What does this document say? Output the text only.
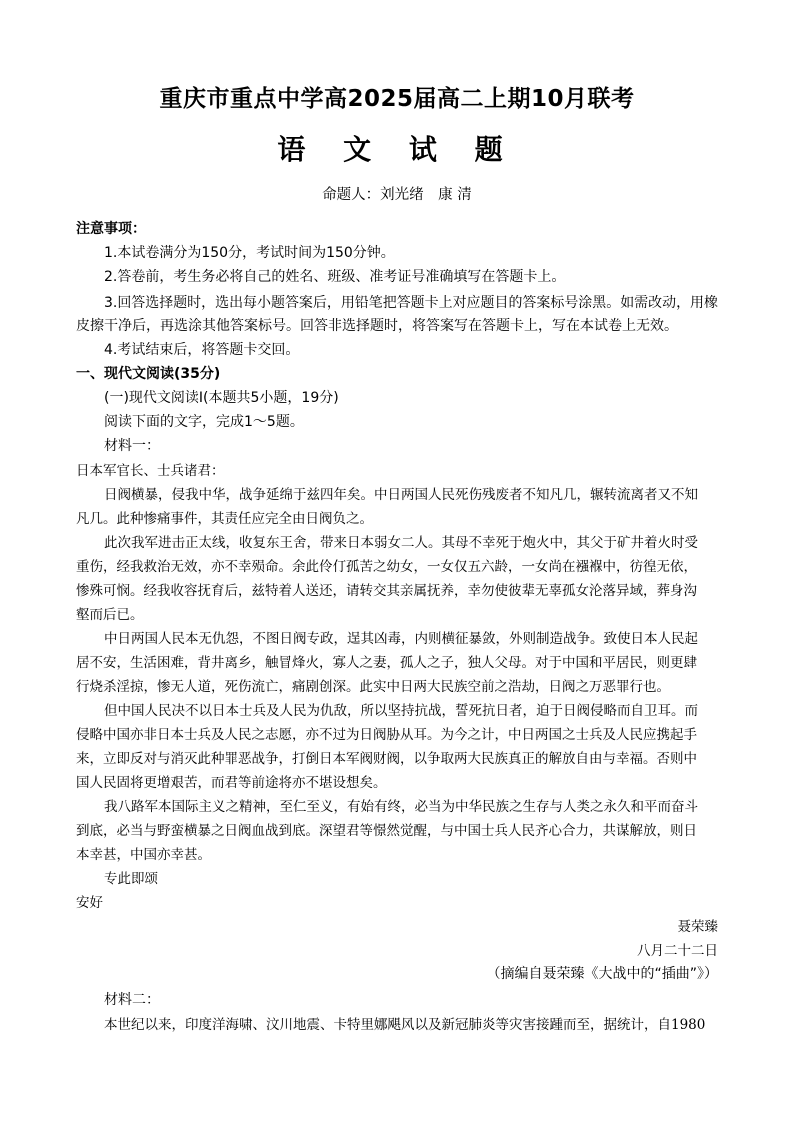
重庆市重点中学高2025届高二上期10月联考
语 文 试 题
命题人：刘光绪　康 清
注意事项：
1.本试卷满分为150分，考试时间为150分钟。
2.答卷前，考生务必将自己的姓名、班级、准考证号准确填写在答题卡上。
3.回答选择题时，选出每小题答案后，用铅笔把答题卡上对应题目的答案标号涂黑。如需改动，用橡
皮擦干净后，再选涂其他答案标号。回答非选择题时，将答案写在答题卡上，写在本试卷上无效。
4.考试结束后，将答题卡交回。
一、现代文阅读(35分)
(一)现代文阅读Ⅰ(本题共5小题，19分)
阅读下面的文字，完成1～5题。
材料一：
日本军官长、士兵诸君：
日阀横暴，侵我中华，战争延绵于兹四年矣。中日两国人民死伤残废者不知凡几，辗转流离者又不知
凡几。此种惨痛事件，其责任应完全由日阀负之。
此次我军进击正太线，收复东王舍，带来日本弱女二人。其母不幸死于炮火中，其父于矿井着火时受
重伤，经我救治无效，亦不幸殒命。余此伶仃孤苦之幼女，一女仅五六龄，一女尚在襁褓中，彷徨无依，
惨殊可悯。经我收容抚育后，兹特着人送还，请转交其亲属抚养，幸勿使彼辈无辜孤女沦落异域，葬身沟
壑而后已。
中日两国人民本无仇怨，不图日阀专政，逞其凶毒，内则横征暴敛，外则制造战争。致使日本人民起
居不安，生活困难，背井离乡，触冒烽火，寡人之妻，孤人之子，独人父母。对于中国和平居民，则更肆
行烧杀淫掠，惨无人道，死伤流亡，痛剧创深。此实中日两大民族空前之浩劫，日阀之万恶罪行也。
但中国人民决不以日本士兵及人民为仇敌，所以坚持抗战，誓死抗日者，迫于日阀侵略而自卫耳。而
侵略中国亦非日本士兵及人民之志愿，亦不过为日阀胁从耳。为今之计，中日两国之士兵及人民应携起手
来，立即反对与消灭此种罪恶战争，打倒日本军阀财阀，以争取两大民族真正的解放自由与幸福。否则中
国人民固将更增艰苦，而君等前途将亦不堪设想矣。
我八路军本国际主义之精神，至仁至义，有始有终，必当为中华民族之生存与人类之永久和平而奋斗
到底，必当与野蛮横暴之日阀血战到底。深望君等憬然觉醒，与中国士兵人民齐心合力，共谋解放，则日
本幸甚，中国亦幸甚。
专此即颂
安好
聂荣臻
八月二十二日
（摘编自聂荣臻《大战中的“插曲”》）
材料二：
本世纪以来，印度洋海啸、汶川地震、卡特里娜飓风以及新冠肺炎等灾害接踵而至，据统计，自1980
